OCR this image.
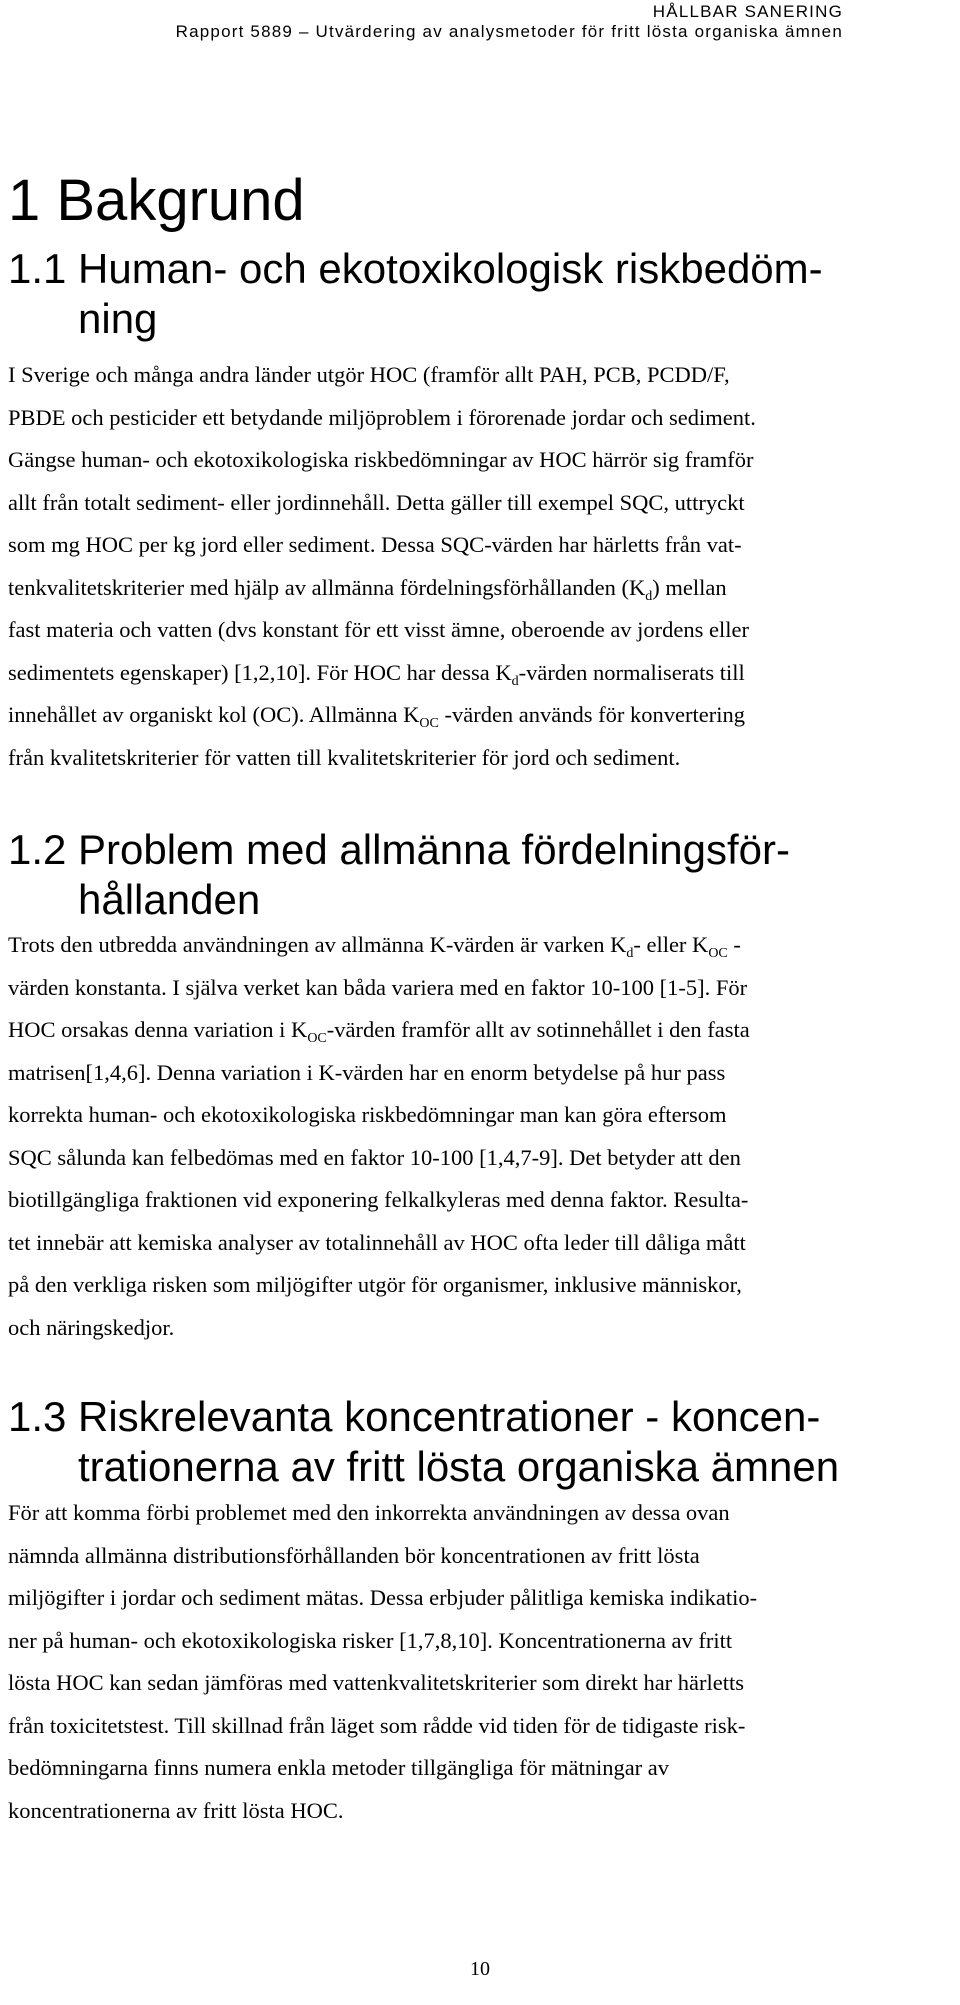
HÅLLBAR SANERING
Rapport 5889 – Utvärdering av analysmetoder för fritt lösta organiska ämnen
1 Bakgrund
1.1 Human- och ekotoxikologisk riskbedöm-
ning
I Sverige och många andra länder utgör HOC (framför allt PAH, PCB, PCDD/F,
PBDE och pesticider ett betydande miljöproblem i förorenade jordar och sediment.
Gängse human- och ekotoxikologiska riskbedömningar av HOC härrör sig framför
allt från totalt sediment- eller jordinnehåll. Detta gäller till exempel SQC, uttryckt
som mg HOC per kg jord eller sediment. Dessa SQC-värden har härletts från vat-
tenkvalitetskriterier med hjälp av allmänna fördelningsförhållanden $(K_d)$ mellan
fast materia och vatten (dvs konstant för ett visst ämne, oberoende av jordens eller
sedimentets egenskaper) [1,2,10]. För HOC har dessa $K_d$-värden normaliserats till
innehållet av organiskt kol (OC). Allmänna $K_{OC}$ -värden används för konvertering
från kvalitetskriterier för vatten till kvalitetskriterier för jord och sediment.
1.2 Problem med allmänna fördelningsför-
hållanden
Trots den utbredda användningen av allmänna K-värden är varken $K_d-$ eller $K_{OC}$ -
värden konstanta. I själva verket kan båda variera med en faktor 10-100 [1-5]. För
HOC orsakas denna variation i $K_{OC}$-värden framför allt av sotinnehållet i den fasta
matrisen[1,4,6]. Denna variation i K-värden har en enorm betydelse på hur pass
korrekta human- och ekotoxikologiska riskbedömningar man kan göra eftersom
SQC sålunda kan felbedömas med en faktor 10-100 [1,4,7-9]. Det betyder att den
biotillgängliga fraktionen vid exponering felkalkyleras med denna faktor. Resulta-
tet innebär att kemiska analyser av totalinnehåll av HOC ofta leder till dåliga mått
på den verkliga risken som miljögifter utgör för organismer, inklusive människor,
och näringskedjor.
1.3 Riskrelevanta koncentrationer - koncen-
trationerna av fritt lösta organiska ämnen
För att komma förbi problemet med den inkorrekta användningen av dessa ovan
nämnda allmänna distributionsförhållanden bör koncentrationen av fritt lösta
miljögifter i jordar och sediment mätas. Dessa erbjuder pålitliga kemiska indikatio-
ner på human- och ekotoxikologiska risker [1,7,8,10]. Koncentrationerna av fritt
lösta HOC kan sedan jämföras med vattenkvalitetskriterier som direkt har härletts
från toxicitetstest. Till skillnad från läget som rådde vid tiden för de tidigaste risk-
bedömningarna finns numera enkla metoder tillgängliga för mätningar av
koncentrationerna av fritt lösta HOC.
10
